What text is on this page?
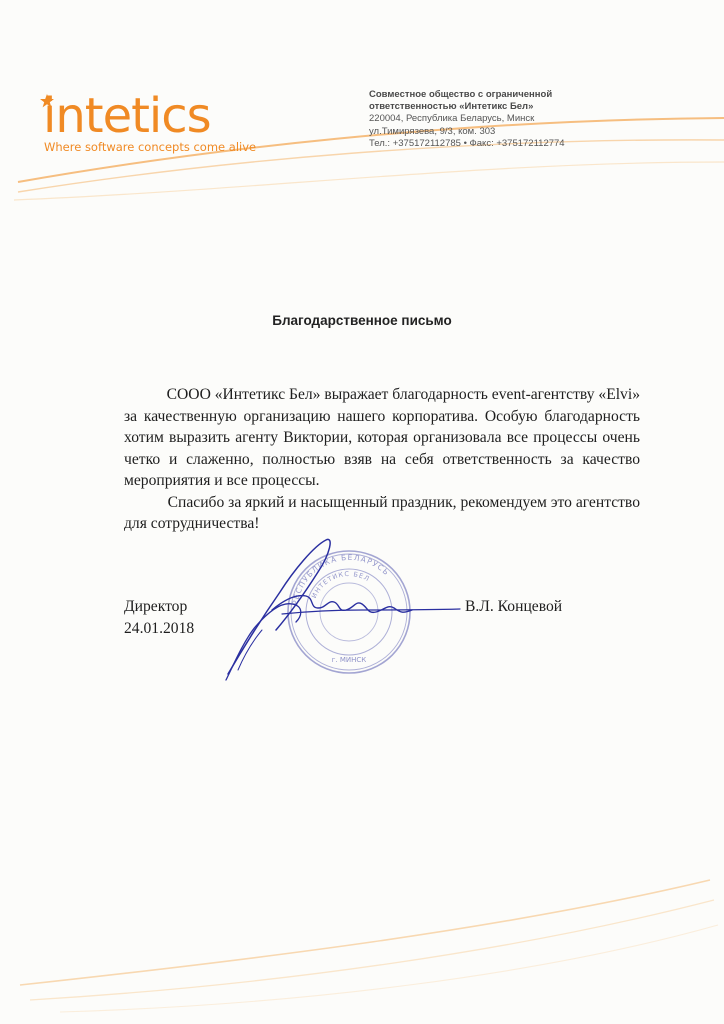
intetics
Where software concepts come alive
Совместное общество с ограниченной
ответственностью «Интетикс Бел»
220004, Республика Беларусь, Минск
ул.Тимирязева, 9/3, ком. 303
Тел.: +375172112785 • Факс: +375172112774
Благодарственное письмо

СООО «Интетикс Бел» выражает благодарность event-агентству «Elvi»
за качественную организацию нашего корпоратива. Особую благодарность хотим выразить агенту Виктории, которая организовала все процессы очень четко и слаженно, полностью взяв на себя ответственность за качество мероприятия и все процессы.

Спасибо за яркий и насыщенный праздник, рекомендуем это агентство
для сотрудничества!

РЕСПУБЛИКА БЕЛАРУСЬ
ИНТЕТИКС БЕЛ
г. МИНСК
Директор
24.01.2018
В.Л. Концевой
